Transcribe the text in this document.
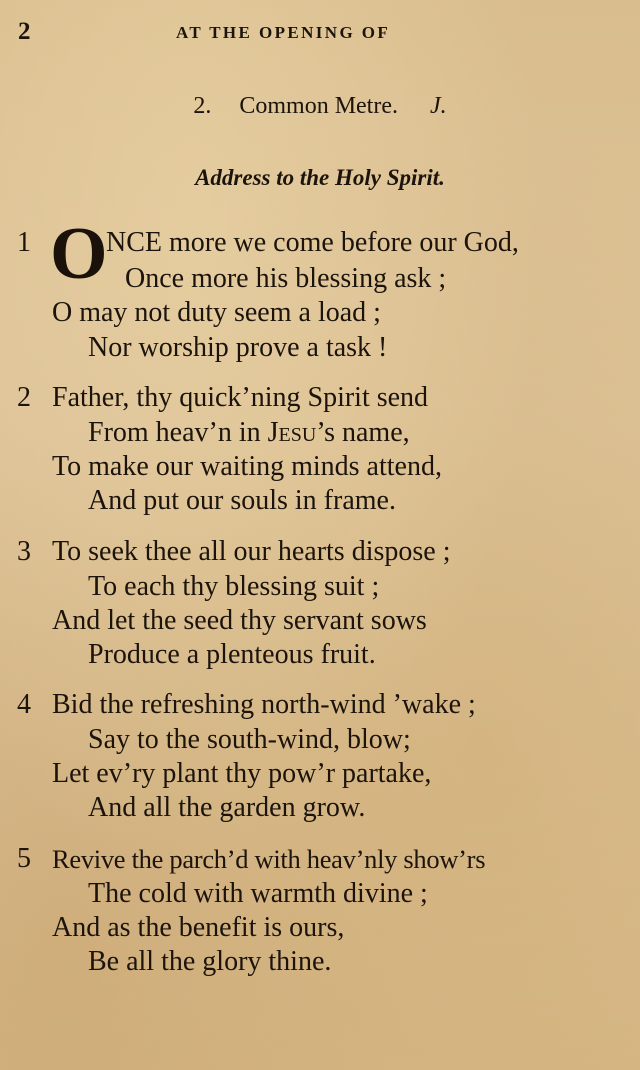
2	AT THE OPENING OF
2. Common Metre. J.
Address to the Holy Spirit.
1 O
NCE more we come before our God,
Once more his blessing ask ;
O may not duty seem a load ;
Nor worship prove a task !
2 Father, thy quick’ning Spirit send
From heav’n in Jesu’s name,
To make our waiting minds attend,
And put our souls in frame.
3 To seek thee all our hearts dispose ;
To each thy blessing suit ;
And let the seed thy servant sows
Produce a plenteous fruit.
4 Bid the refreshing north-wind ’wake ;
Say to the south-wind, blow;
Let ev’ry plant thy pow’r partake,
And all the garden grow.
5 Revive the parch’d with heav’nly show’rs
The cold with warmth divine ;
And as the benefit is ours,
Be all the glory thine.
